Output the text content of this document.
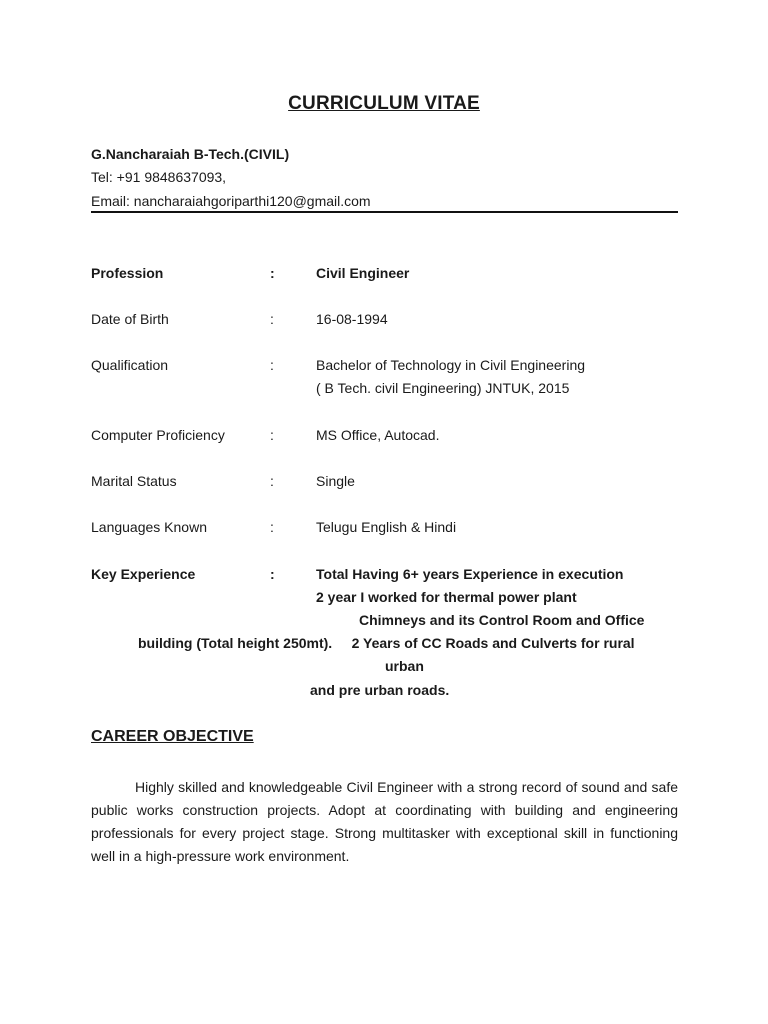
CURRICULUM VITAE
G.Nancharaiah B-Tech.(CIVIL)
Tel: +91 9848637093,
Email: nancharaiahgoriparthi120@gmail.com
Profession	:	Civil Engineer
Date of Birth	:	16-08-1994
Qualification	:	Bachelor of Technology in Civil Engineering
( B Tech. civil Engineering) JNTUK, 2015
Computer Proficiency	:	MS Office, Autocad.
Marital Status	:	Single
Languages Known	:	Telugu English & Hindi
Key Experience	:	Total Having 6+ years Experience in execution
2 year I worked for thermal power plant
Chimneys and its Control Room and Office
building (Total height 250mt).     2 Years of CC Roads and Culverts for rural
urban
and pre urban roads.
CAREER OBJECTIVE

Highly skilled and knowledgeable Civil Engineer with a strong record of sound and safe public works construction projects. Adopt at coordinating with building and engineering professionals for every project stage. Strong multitasker with exceptional skill in functioning well in a high-pressure work environment.
